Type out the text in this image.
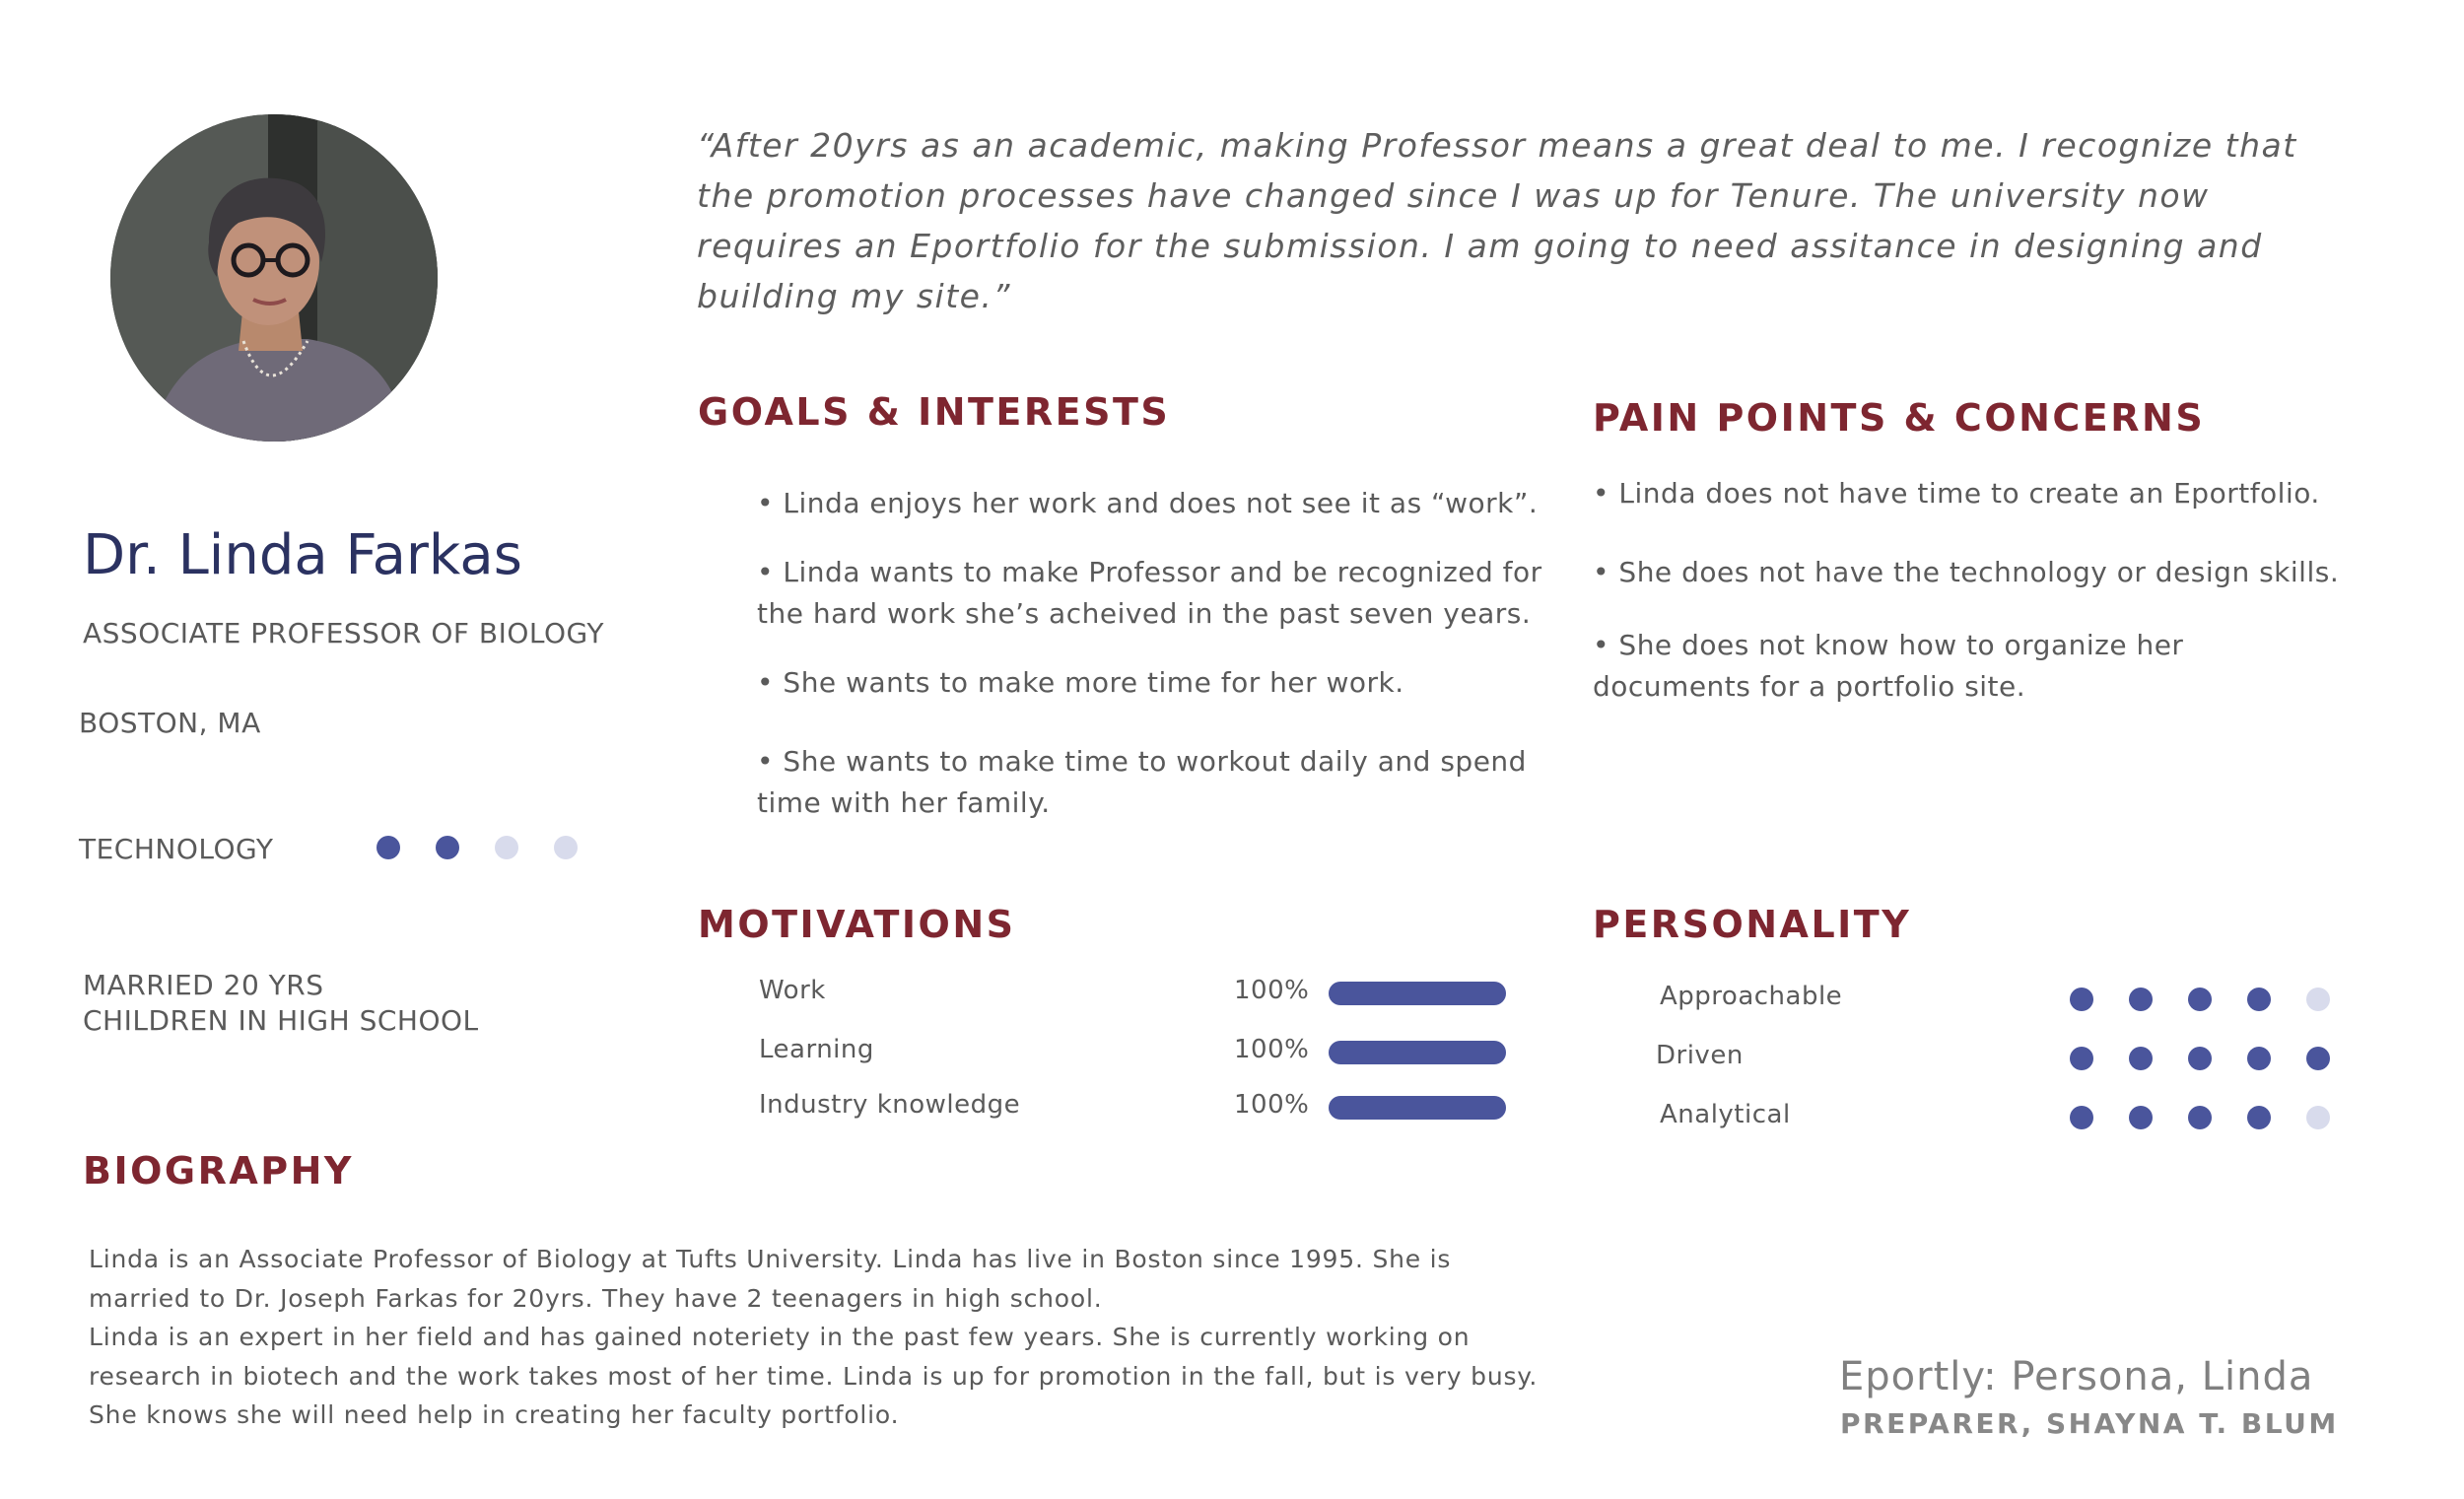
Dr. Linda Farkas
ASSOCIATE PROFESSOR OF BIOLOGY
BOSTON, MA
TECHNOLOGY
MARRIED 20 YRS
CHILDREN IN HIGH SCHOOL
“After 20yrs as an academic, making Professor means a great deal to me. I recognize that the promotion processes have changed since I was up for Tenure. The university now requires an Eportfolio for the submission. I am going to need assitance in designing and building my site.”
GOALS & INTERESTS
• Linda enjoys her work and does not see it as “work”.
• Linda wants to make Professor and be recognized for the hard work she’s acheived in the past seven years.
• She wants to make more time for her work.
• She wants to make time to workout daily and spend time with her family.
PAIN POINTS & CONCERNS
• Linda does not have time to create an Eportfolio.
• She does not have the technology or design skills.
• She does not know how to organize her documents for a portfolio site.
MOTIVATIONS
Work	100%
Learning	100%
Industry knowledge	100%
PERSONALITY
Approachable
Driven
Analytical
BIOGRAPHY

Linda is an Associate Professor of Biology at Tufts University. Linda has live in Boston since 1995. She is married to Dr. Joseph Farkas for 20yrs. They have 2 teenagers in high school.

Linda is an expert in her field and has gained noteriety in the past few years. She is currently working on research in biotech and the work takes most of her time. Linda is up for promotion in the fall, but is very busy. She knows she will need help in creating her faculty portfolio.

Eportly: Persona, Linda
PREPARER, SHAYNA T. BLUM
